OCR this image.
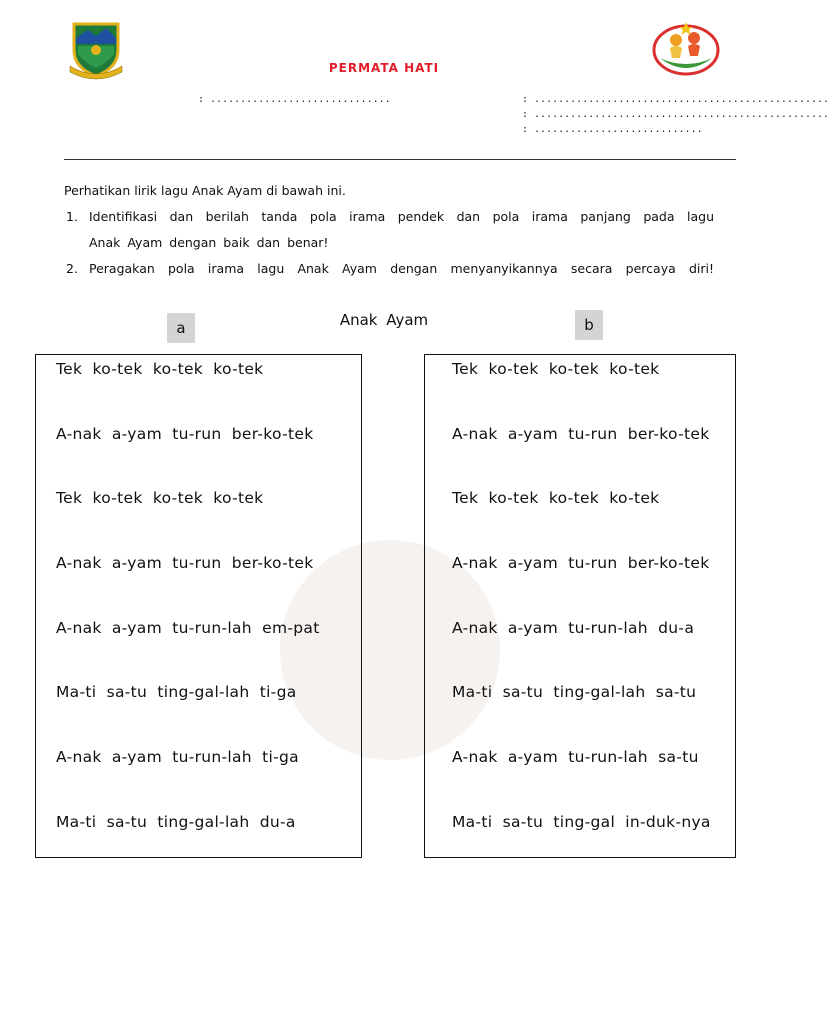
PERMATA HATI
: ..............................	: .................................................
: .................................................
: ............................
Perhatikan lirik lagu Anak Ayam di bawah ini.
1. Identifikasi dan berilah tanda pola irama pendek dan pola irama panjang pada lagu
Anak Ayam dengan baik dan benar!
2. Peragakan pola irama lagu Anak Ayam dengan menyanyikannya secara percaya diri!
Anak Ayam
a	b
Tek ko-tek ko-tek ko-tek
A-nak a-yam tu-run ber-ko-tek
Tek ko-tek ko-tek ko-tek
A-nak a-yam tu-run ber-ko-tek
A-nak a-yam tu-run-lah em-pat
Ma-ti sa-tu ting-gal-lah ti-ga
A-nak a-yam tu-run-lah ti-ga
Ma-ti sa-tu ting-gal-lah du-a
Tek ko-tek ko-tek ko-tek
A-nak a-yam tu-run ber-ko-tek
Tek ko-tek ko-tek ko-tek
A-nak a-yam tu-run ber-ko-tek
A-nak a-yam tu-run-lah du-a
Ma-ti sa-tu ting-gal-lah sa-tu
A-nak a-yam tu-run-lah sa-tu
Ma-ti sa-tu ting-gal in-duk-nya
